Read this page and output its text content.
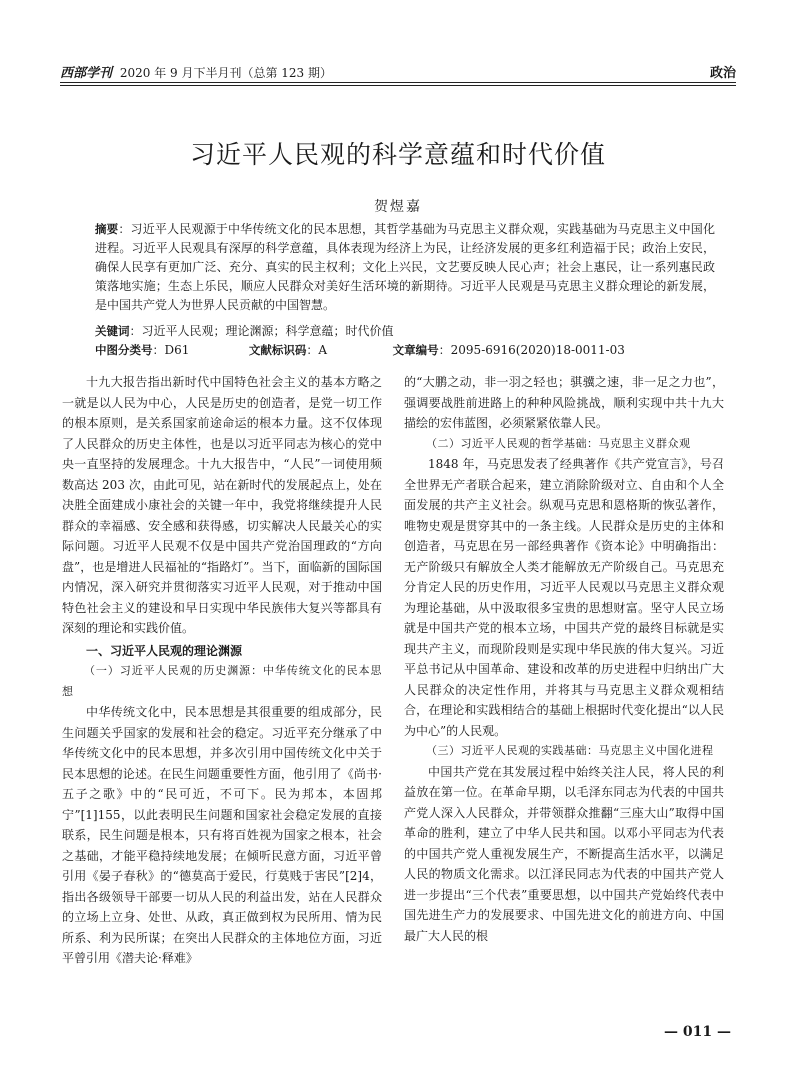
西部学刊 2020 年 9 月下半月刊（总第 123 期）	政治
习近平人民观的科学意蕴和时代价值
贺煜嘉
摘要：习近平人民观源于中华传统文化的民本思想，其哲学基础为马克思主义群众观，实践基础为马克思主义中国化进程。习近平人民观具有深厚的科学意蕴，具体表现为经济上为民，让经济发展的更多红利造福于民；政治上安民，确保人民享有更加广泛、充分、真实的民主权利；文化上兴民，文艺要反映人民心声；社会上惠民，让一系列惠民政策落地实施；生态上乐民，顺应人民群众对美好生活环境的新期待。习近平人民观是马克思主义群众理论的新发展，是中国共产党人为世界人民贡献的中国智慧。
关键词：习近平人民观；理论渊源；科学意蕴；时代价值
中图分类号：D61	文献标识码：A	文章编号：2095-6916(2020)18-0011-03

十九大报告指出新时代中国特色社会主义的基本方略之一就是以人民为中心，人民是历史的创造者，是党一切工作的根本原则，是关系国家前途命运的根本力量。这不仅体现了人民群众的历史主体性，也是以习近平同志为核心的党中央一直坚持的发展理念。十九大报告中，“人民”一词使用频数高达 203 次，由此可见，站在新时代的发展起点上，处在决胜全面建成小康社会的关键一年中，我党将继续提升人民群众的幸福感、安全感和获得感，切实解决人民最关心的实际问题。习近平人民观不仅是中国共产党治国理政的“方向盘”，也是增进人民福祉的“指路灯”。当下，面临新的国际国内情况，深入研究并贯彻落实习近平人民观，对于推动中国特色社会主义的建设和早日实现中华民族伟大复兴等都具有深刻的理论和实践价值。

一、习近平人民观的理论渊源
（一）习近平人民观的历史渊源：中华传统文化的民本思想

中华传统文化中，民本思想是其很重要的组成部分，民生问题关乎国家的发展和社会的稳定。习近平充分继承了中华传统文化中的民本思想，并多次引用中国传统文化中关于民本思想的论述。在民生问题重要性方面，他引用了《尚书·五子之歌》中的“民可近，不可下。民为邦本，本固邦宁”[1]155，以此表明民生问题和国家社会稳定发展的直接联系，民生问题是根本，只有将百姓视为国家之根本，社会之基础，才能平稳持续地发展；在倾听民意方面，习近平曾引用《晏子春秋》的“德莫高于爱民，行莫贱于害民”[2]4，指出各级领导干部要一切从人民的利益出发，站在人民群众的立场上立身、处世、从政，真正做到权为民所用、情为民所系、利为民所谋；在突出人民群众的主体地位方面，习近平曾引用《潜夫论·释难》

的“大鹏之动，非一羽之轻也；骐骥之速，非一足之力也”，强调要战胜前进路上的种种风险挑战，顺利实现中共十九大描绘的宏伟蓝图，必须紧紧依靠人民。

（二）习近平人民观的哲学基础：马克思主义群众观

1848 年，马克思发表了经典著作《共产党宣言》，号召全世界无产者联合起来，建立消除阶级对立、自由和个人全面发展的共产主义社会。纵观马克思和恩格斯的恢弘著作，唯物史观是贯穿其中的一条主线。人民群众是历史的主体和创造者，马克思在另一部经典著作《资本论》中明确指出：无产阶级只有解放全人类才能解放无产阶级自己。马克思充分肯定人民的历史作用，习近平人民观以马克思主义群众观为理论基础，从中汲取很多宝贵的思想财富。坚守人民立场就是中国共产党的根本立场，中国共产党的最终目标就是实现共产主义，而现阶段则是实现中华民族的伟大复兴。习近平总书记从中国革命、建设和改革的历史进程中归纳出广大人民群众的决定性作用，并将其与马克思主义群众观相结合，在理论和实践相结合的基础上根据时代变化提出“以人民为中心”的人民观。

（三）习近平人民观的实践基础：马克思主义中国化进程

中国共产党在其发展过程中始终关注人民，将人民的利益放在第一位。在革命早期，以毛泽东同志为代表的中国共产党人深入人民群众，并带领群众推翻“三座大山”取得中国革命的胜利，建立了中华人民共和国。以邓小平同志为代表的中国共产党人重视发展生产，不断提高生活水平，以满足人民的物质文化需求。以江泽民同志为代表的中国共产党人进一步提出“三个代表”重要思想，以中国共产党始终代表中国先进生产力的发展要求、中国先进文化的前进方向、中国最广大人民的根

— 011 —
